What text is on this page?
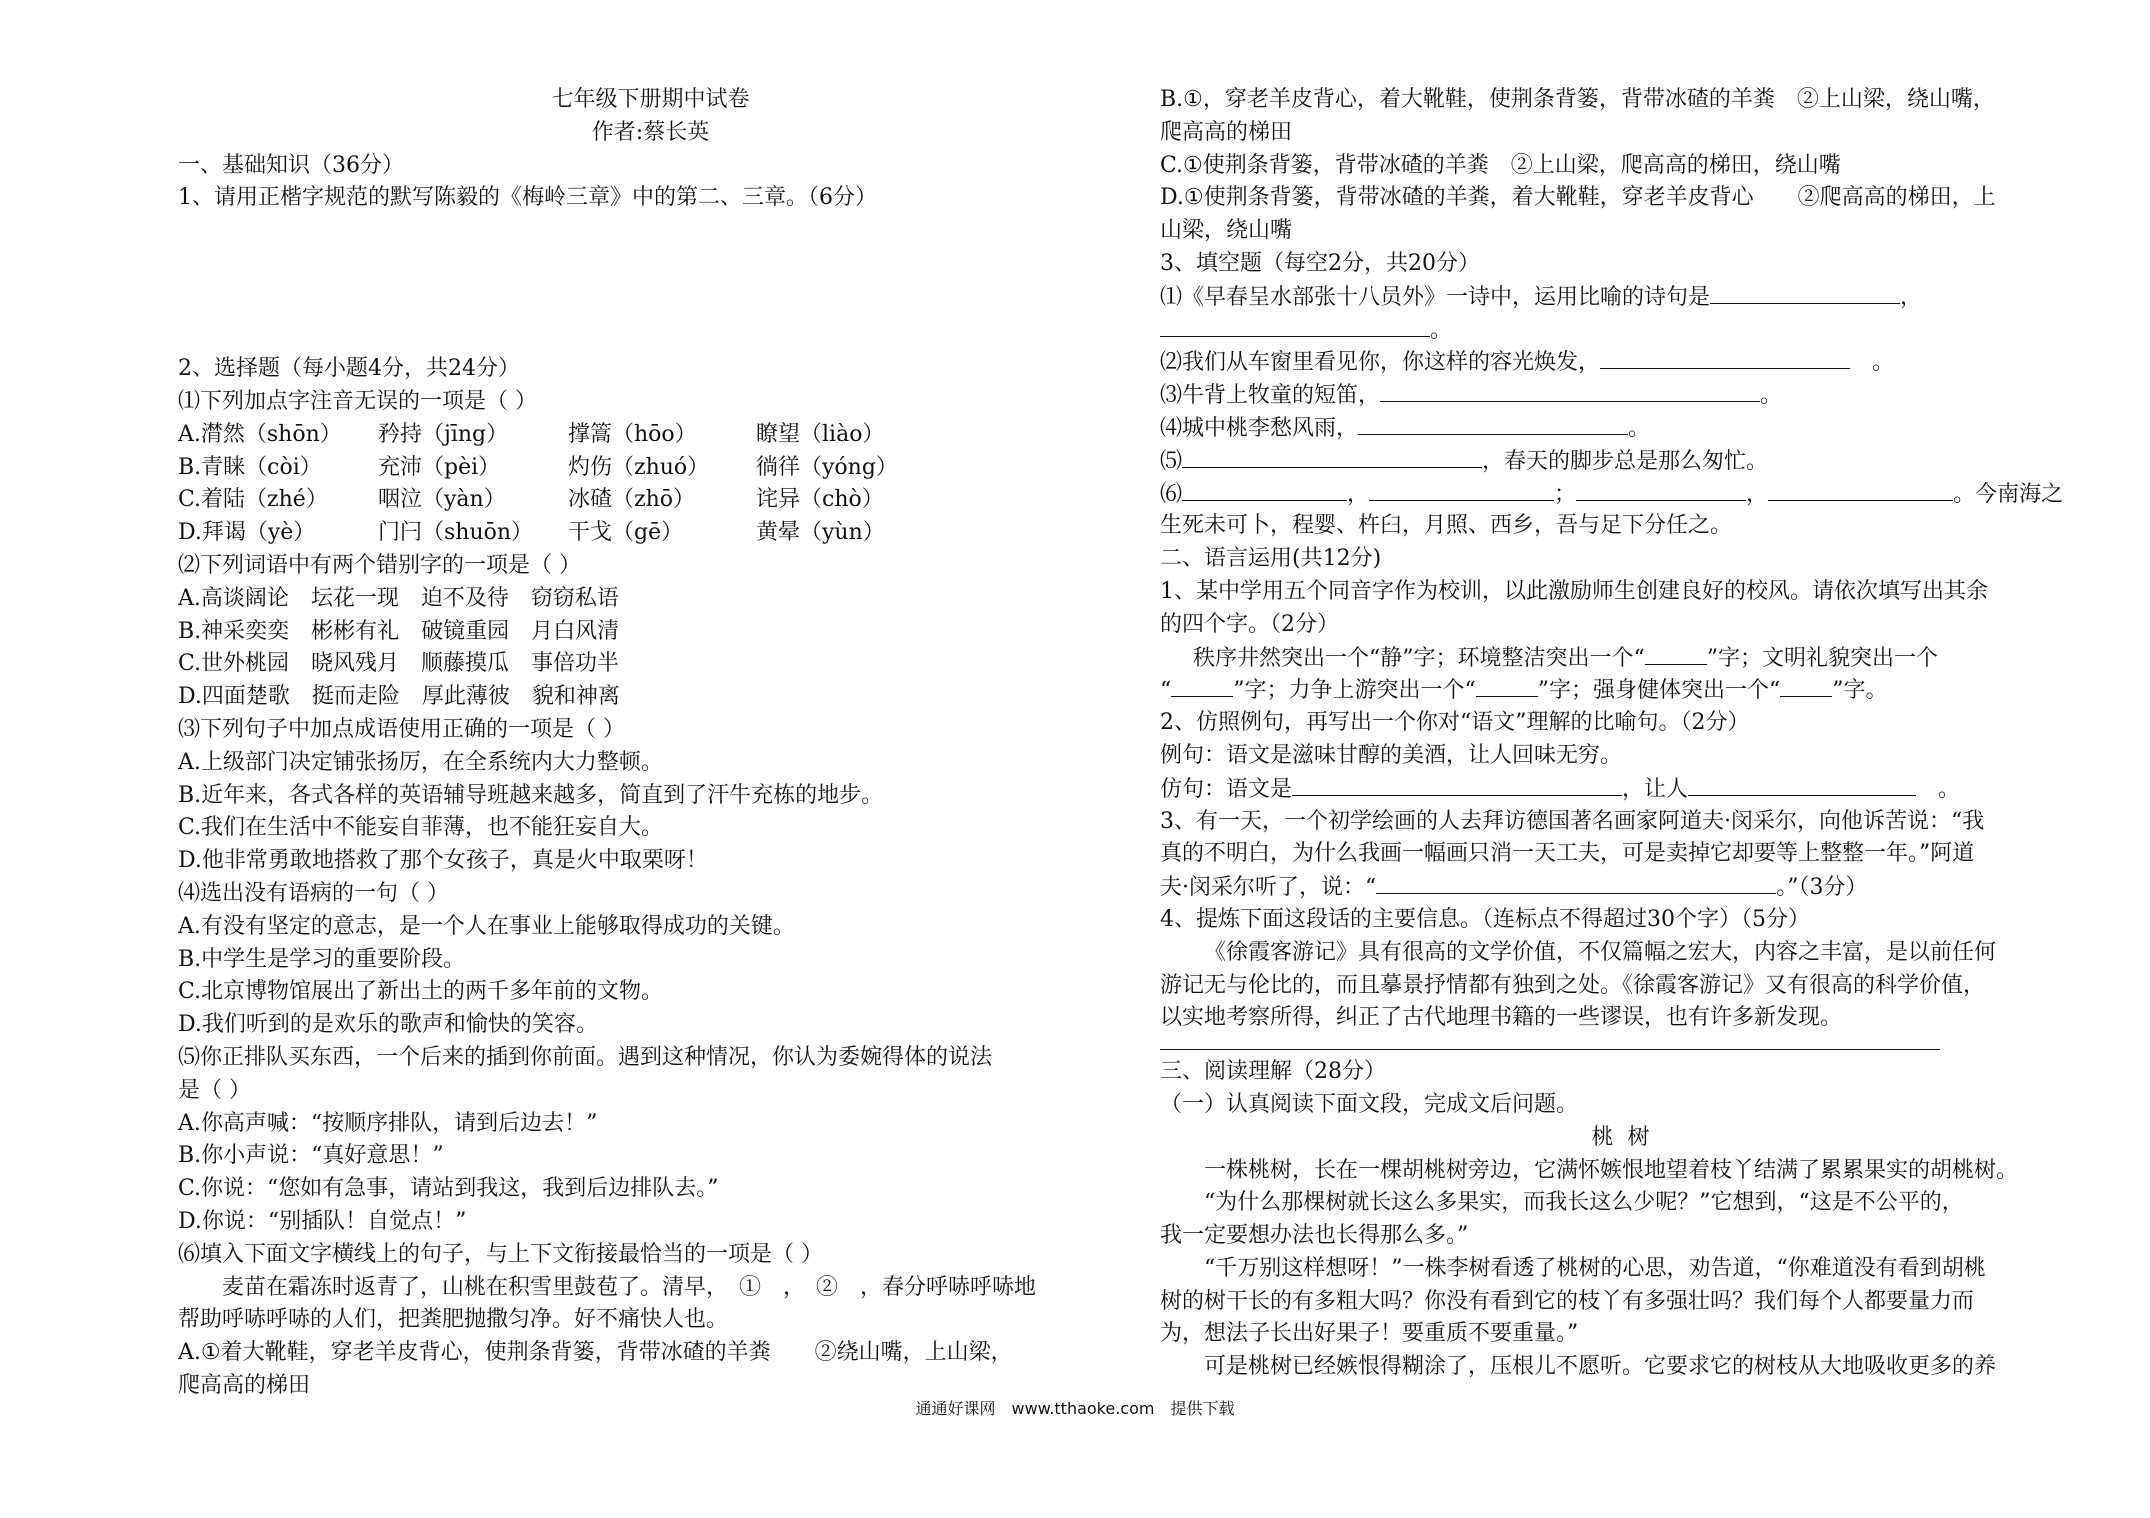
七年级下册期中试卷
作者:蔡长英
一、基础知识（36分）
1、请用正楷字规范的默写陈毅的《梅岭三章》中的第二、三章。（6分）
2、选择题（每小题4分，共24分）
⑴下列加点字注音无误的一项是（ ）
A.潸然（shōn）	矜持（jīng）	撑篙（hōo）	瞭望（liào）
B.青睐（còi）	充沛（pèi）	灼伤（zhuó）	徜徉（yóng）
C.着陆（zhé）	咽泣（yàn）	冰碴（zhō）	诧异（chò）
D.拜谒（yè）	门闩（shuōn）	干戈（gē）	黄晕（yùn）
⑵下列词语中有两个错别字的一项是（ ）
A.高谈阔论　坛花一现　迫不及待　窃窃私语
B.神采奕奕　彬彬有礼　破镜重园　月白风清
C.世外桃园　晓风残月　顺藤摸瓜　事倍功半
D.四面楚歌　挺而走险　厚此薄彼　貌和神离
⑶下列句子中加点成语使用正确的一项是（ ）
A.上级部门决定铺张扬厉，在全系统内大力整顿。
B.近年来，各式各样的英语辅导班越来越多，简直到了汗牛充栋的地步。
C.我们在生活中不能妄自菲薄，也不能狂妄自大。
D.他非常勇敢地搭救了那个女孩子，真是火中取栗呀！
⑷选出没有语病的一句（ ）
A.有没有坚定的意志，是一个人在事业上能够取得成功的关键。
B.中学生是学习的重要阶段。
C.北京博物馆展出了新出土的两千多年前的文物。
D.我们听到的是欢乐的歌声和愉快的笑容。
⑸你正排队买东西，一个后来的插到你前面。遇到这种情况，你认为委婉得体的说法
是（ ）
A.你高声喊：“按顺序排队，请到后边去！”
B.你小声说：“真好意思！”
C.你说：“您如有急事，请站到我这，我到后边排队去。”
D.你说：“别插队！自觉点！”
⑹填入下面文字横线上的句子，与上下文衔接最恰当的一项是（ ）
麦苗在霜冻时返青了，山桃在积雪里鼓苞了。清早，　①　，　②　，春分呼哧呼哧地
帮助呼哧呼哧的人们，把粪肥抛撒匀净。好不痛快人也。
A.①着大靴鞋，穿老羊皮背心，使荆条背篓，背带冰碴的羊粪　　②绕山嘴，上山梁，
爬高高的梯田
B.①，穿老羊皮背心，着大靴鞋，使荆条背篓，背带冰碴的羊粪　②上山梁，绕山嘴，
爬高高的梯田
C.①使荆条背篓，背带冰碴的羊粪　②上山梁，爬高高的梯田，绕山嘴
D.①使荆条背篓，背带冰碴的羊粪，着大靴鞋，穿老羊皮背心　　②爬高高的梯田，上
山梁，绕山嘴
3、填空题（每空2分，共20分）
⑴《早春呈水部张十八员外》一诗中，运用比喻的诗句是	，
。
⑵我们从车窗里看见你，你这样的容光焕发，	　。
⑶牛背上牧童的短笛，	。
⑷城中桃李愁风雨，	。
⑸	，春天的脚步总是那么匆忙。
⑹	，	；	，	。今南海之
生死未可卜，程婴、杵臼，月照、西乡，吾与足下分任之。
二、语言运用(共12分)
1、某中学用五个同音字作为校训，以此激励师生创建良好的校风。请依次填写出其余
的四个字。（2分）
秩序井然突出一个“静”字；环境整洁突出一个“	”字；文明礼貌突出一个
“	”字；力争上游突出一个“	”字；强身健体突出一个“ ”字。
2、仿照例句，再写出一个你对“语文”理解的比喻句。（2分）
例句：语文是滋味甘醇的美酒，让人回味无穷。
仿句：语文是	，让人	　。
3、有一天，一个初学绘画的人去拜访德国著名画家阿道夫·闵采尔，向他诉苦说：“我
真的不明白，为什么我画一幅画只消一天工夫，可是卖掉它却要等上整整一年。”阿道
夫·闵采尔听了，说：“	。”（3分）
4、提炼下面这段话的主要信息。（连标点不得超过30个字）（5分）
《徐霞客游记》具有很高的文学价值，不仅篇幅之宏大，内容之丰富，是以前任何
游记无与伦比的，而且摹景抒情都有独到之处。《徐霞客游记》又有很高的科学价值，
以实地考察所得，纠正了古代地理书籍的一些谬误，也有许多新发现。
三、阅读理解（28分）
（一）认真阅读下面文段，完成文后问题。
桃树
一株桃树，长在一棵胡桃树旁边，它满怀嫉恨地望着枝丫结满了累累果实的胡桃树。
“为什么那棵树就长这么多果实，而我长这么少呢？”它想到，“这是不公平的，
我一定要想办法也长得那么多。”
“千万别这样想呀！”一株李树看透了桃树的心思，劝告道，“你难道没有看到胡桃
树的树干长的有多粗大吗？你没有看到它的枝丫有多强壮吗？我们每个人都要量力而
为，想法子长出好果子！要重质不要重量。”
可是桃树已经嫉恨得糊涂了，压根儿不愿听。它要求它的树枝从大地吸收更多的养
通通好课网　www.tthaoke.com　提供下载
